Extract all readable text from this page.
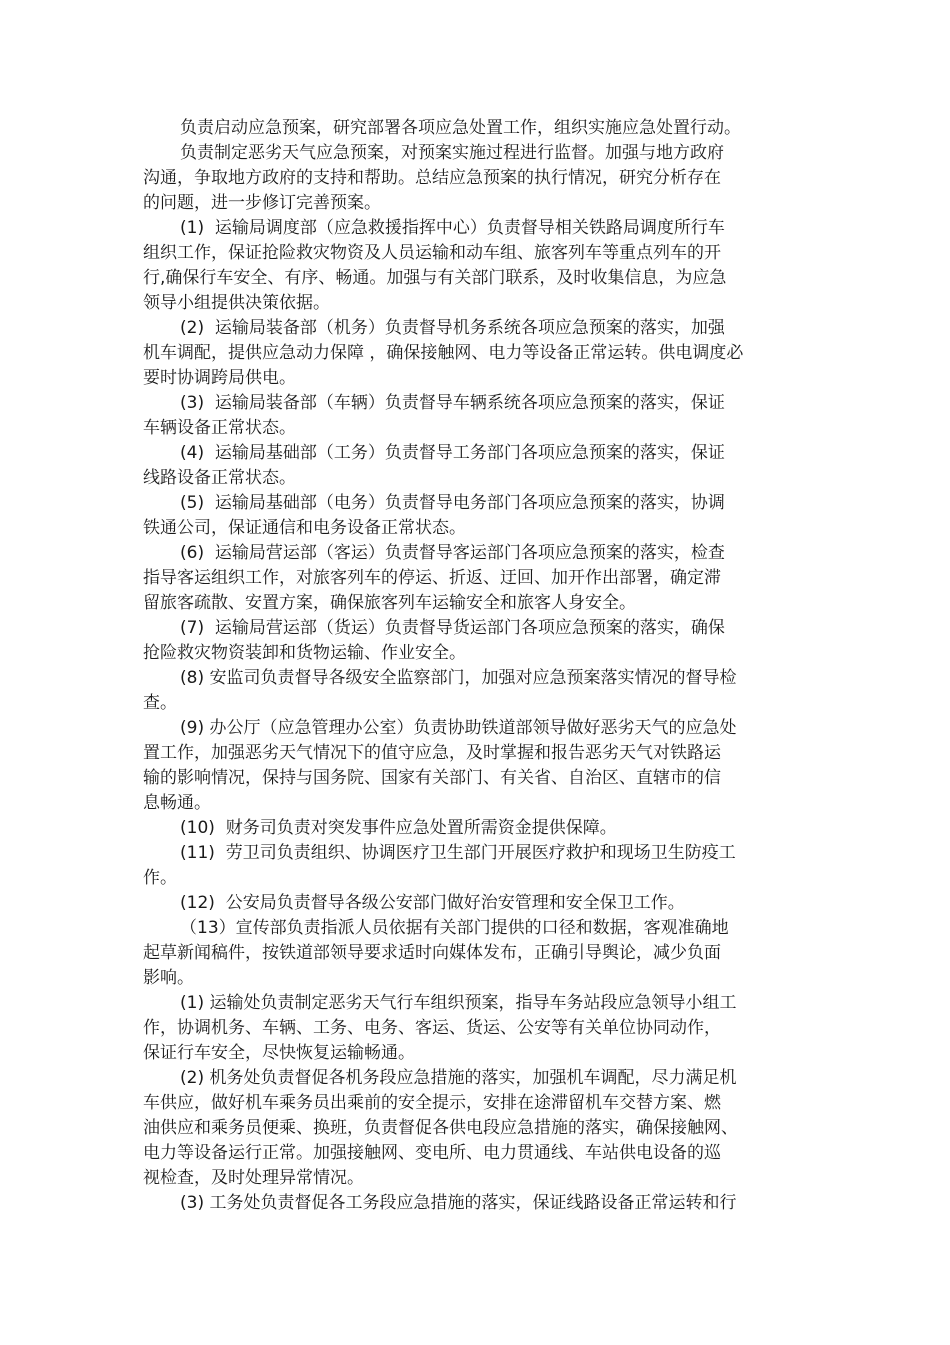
负责启动应急预案，研究部署各项应急处置工作，组织实施应急处置行动。

负责制定恶劣天气应急预案，对预案实施过程进行监督。加强与地方政府
沟通，争取地方政府的支持和帮助。总结应急预案的执行情况，研究分析存在
的问题，进一步修订完善预案。

(1)  运输局调度部（应急救援指挥中心）负责督导相关铁路局调度所行车
组织工作，保证抢险救灾物资及人员运输和动车组、旅客列车等重点列车的开
行,确保行车安全、有序、畅通。加强与有关部门联系，及时收集信息，为应急
领导小组提供决策依据。

(2)  运输局装备部（机务）负责督导机务系统各项应急预案的落实，加强
机车调配，提供应急动力保障 ，确保接触网、电力等设备正常运转。供电调度必
要时协调跨局供电。

(3)  运输局装备部（车辆）负责督导车辆系统各项应急预案的落实，保证
车辆设备正常状态。

(4)  运输局基础部（工务）负责督导工务部门各项应急预案的落实，保证
线路设备正常状态。

(5)  运输局基础部（电务）负责督导电务部门各项应急预案的落实，协调
铁通公司，保证通信和电务设备正常状态。

(6)  运输局营运部（客运）负责督导客运部门各项应急预案的落实，检查
指导客运组织工作，对旅客列车的停运、折返、迂回、加开作出部署，确定滞
留旅客疏散、安置方案，确保旅客列车运输安全和旅客人身安全。

(7)  运输局营运部（货运）负责督导货运部门各项应急预案的落实，确保
抢险救灾物资装卸和货物运输、作业安全。

(8) 安监司负责督导各级安全监察部门，加强对应急预案落实情况的督导检
查。

(9) 办公厅（应急管理办公室）负责协助铁道部领导做好恶劣天气的应急处
置工作，加强恶劣天气情况下的值守应急，及时掌握和报告恶劣天气对铁路运
输的影响情况，保持与国务院、国家有关部门、有关省、自治区、直辖市的信
息畅通。

(10)  财务司负责对突发事件应急处置所需资金提供保障。

(11)  劳卫司负责组织、协调医疗卫生部门开展医疗救护和现场卫生防疫工
作。

(12)  公安局负责督导各级公安部门做好治安管理和安全保卫工作。

（13）宣传部负责指派人员依据有关部门提供的口径和数据，客观准确地
起草新闻稿件，按铁道部领导要求适时向媒体发布，正确引导舆论，减少负面
影响。

(1) 运输处负责制定恶劣天气行车组织预案，指导车务站段应急领导小组工
作，协调机务、车辆、工务、电务、客运、货运、公安等有关单位协同动作，
保证行车安全，尽快恢复运输畅通。

(2) 机务处负责督促各机务段应急措施的落实，加强机车调配，尽力满足机
车供应，做好机车乘务员出乘前的安全提示，安排在途滞留机车交替方案、燃
油供应和乘务员便乘、换班，负责督促各供电段应急措施的落实，确保接触网、
电力等设备运行正常。加强接触网、变电所、电力贯通线、车站供电设备的巡
视检查，及时处理异常情况。

(3) 工务处负责督促各工务段应急措施的落实，保证线路设备正常运转和行
